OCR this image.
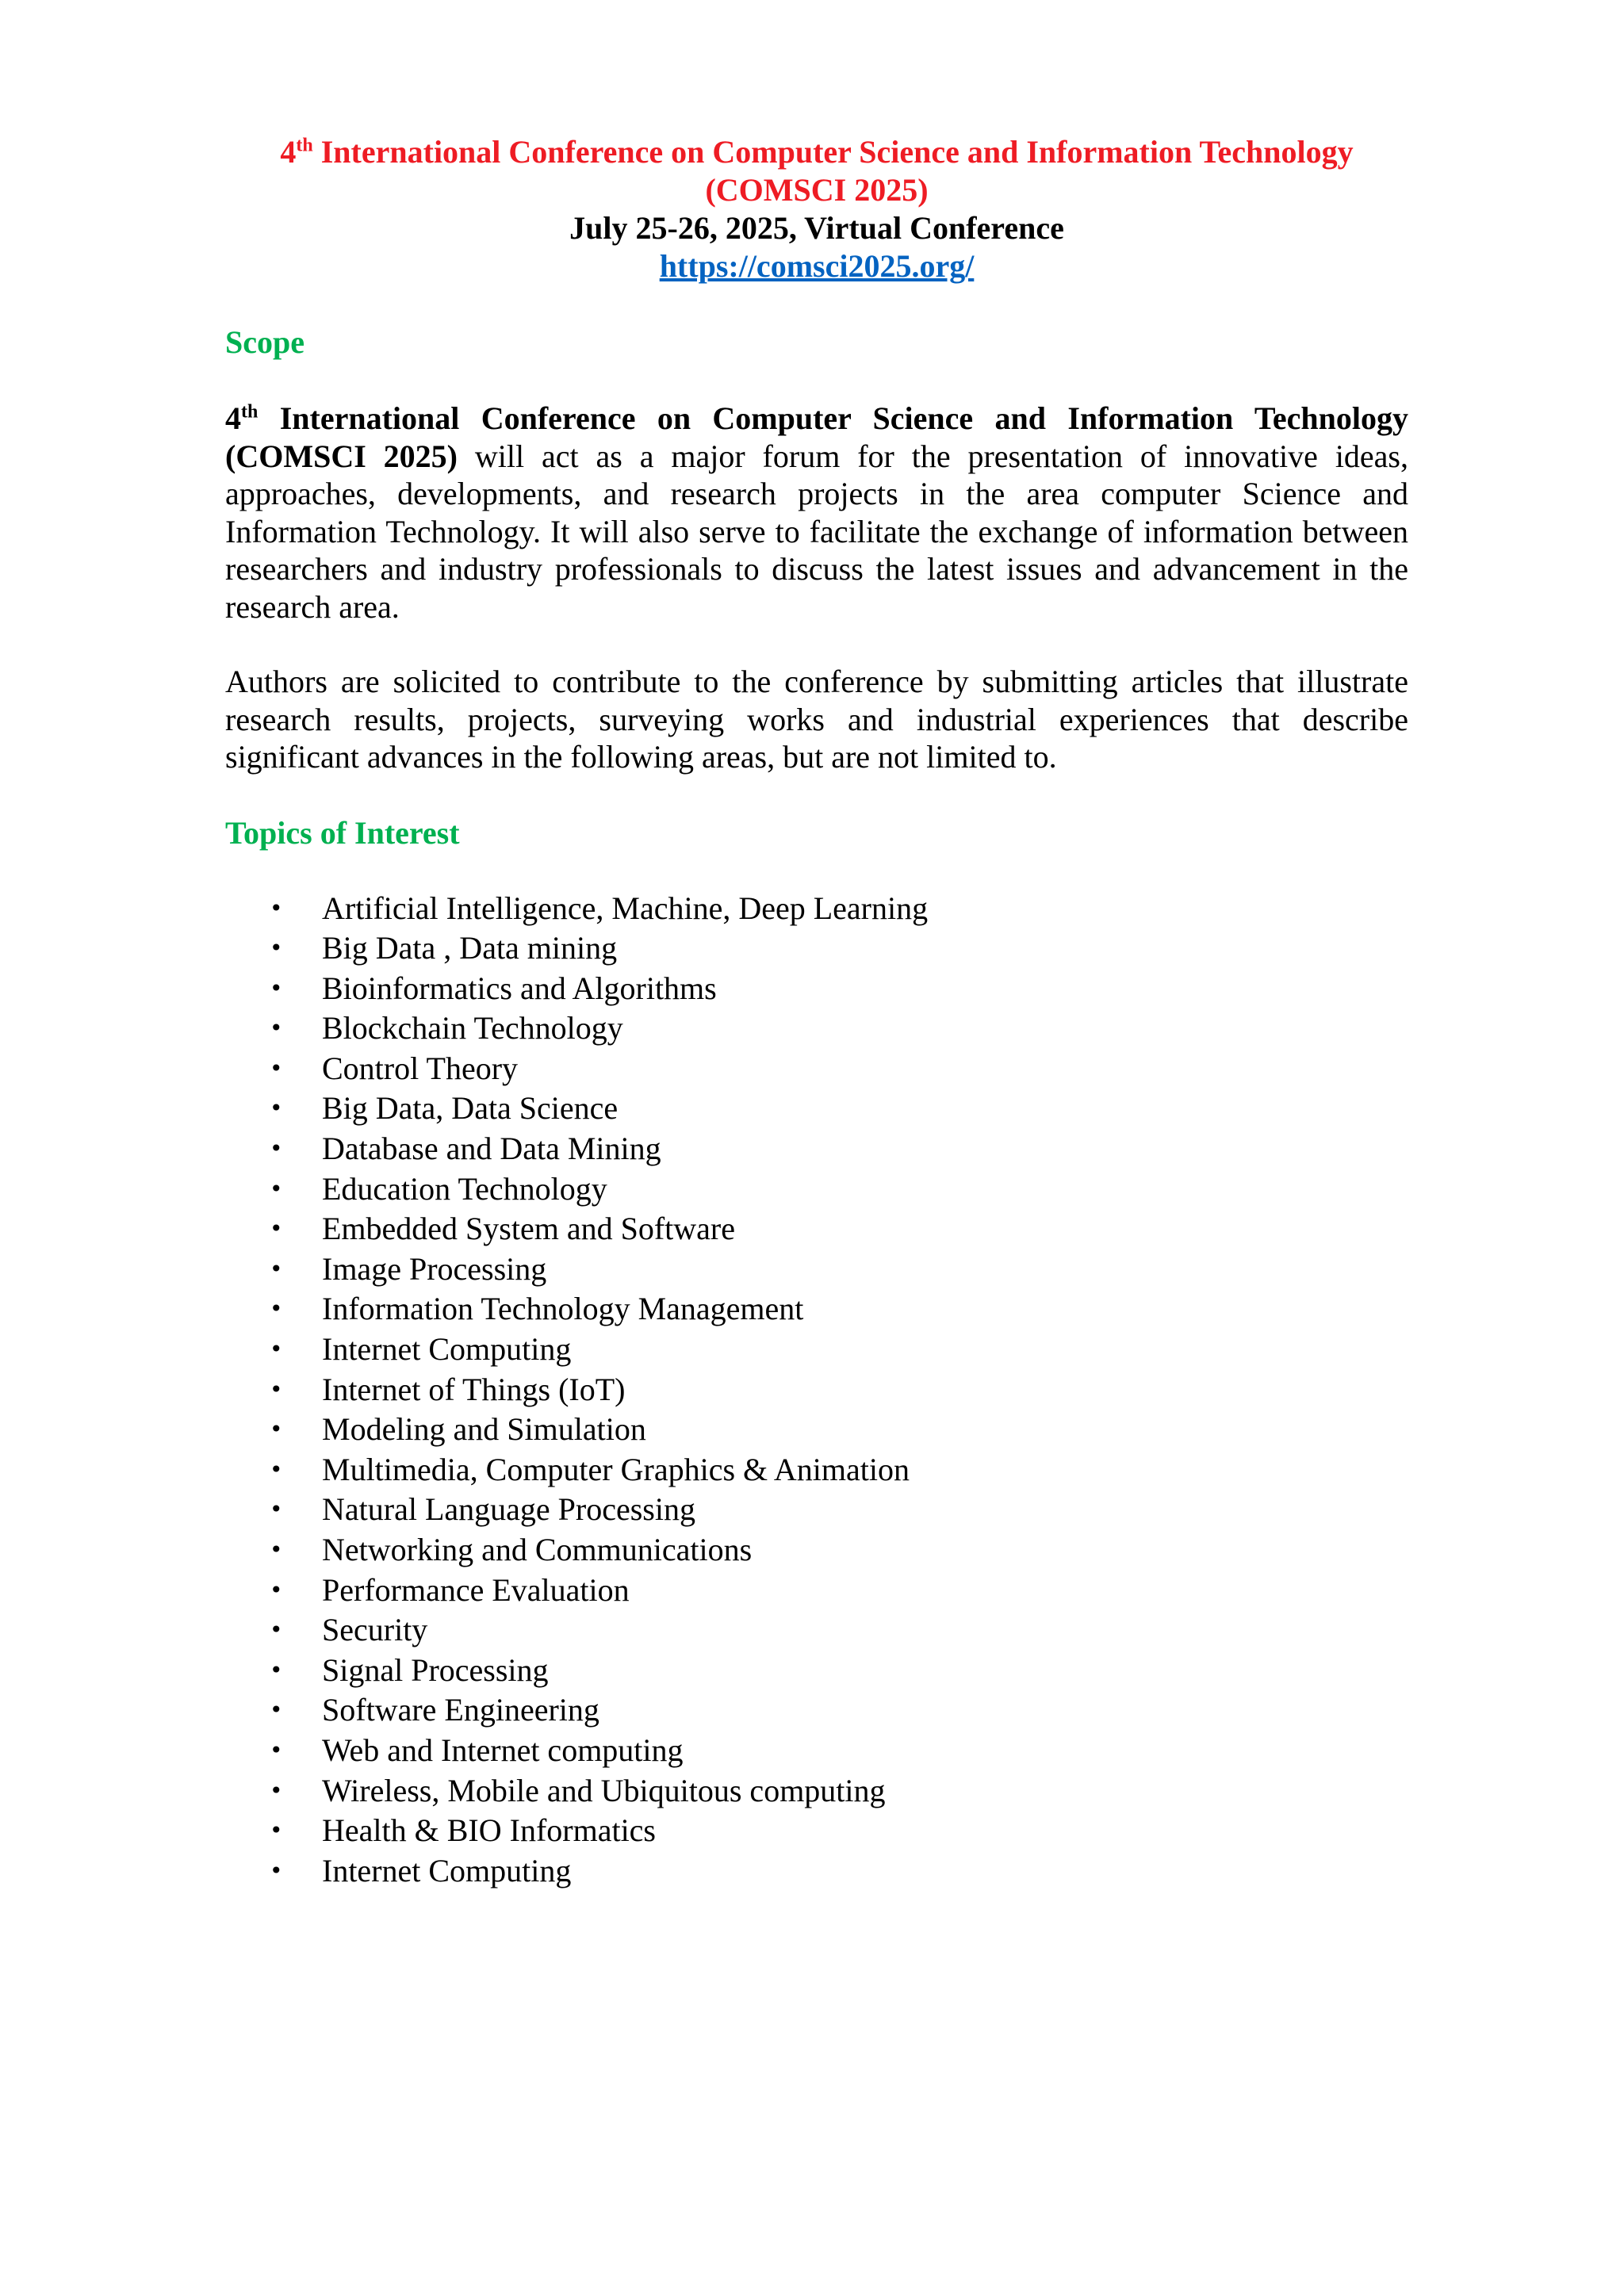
4th International Conference on Computer Science and Information Technology
(COMSCI 2025)
July 25-26, 2025, Virtual Conference
https://comsci2025.org/
Scope

4th International Conference on Computer Science and Information Technology (COMSCI 2025) will act as a major forum for the presentation of innovative ideas, approaches, developments, and research projects in the area computer Science and Information Technology. It will also serve to facilitate the exchange of information between researchers and industry professionals to discuss the latest issues and advancement in the research area.

Authors are solicited to contribute to the conference by submitting articles that illustrate research results, projects, surveying works and industrial experiences that describe significant advances in the following areas, but are not limited to.

Topics of Interest
• Artificial Intelligence, Machine, Deep Learning
• Big Data , Data mining
• Bioinformatics and Algorithms
• Blockchain Technology
• Control Theory
• Big Data, Data Science
• Database and Data Mining
• Education Technology
• Embedded System and Software
• Image Processing
• Information Technology Management
• Internet Computing
• Internet of Things (IoT)
• Modeling and Simulation
• Multimedia, Computer Graphics & Animation
• Natural Language Processing
• Networking and Communications
• Performance Evaluation
• Security
• Signal Processing
• Software Engineering
• Web and Internet computing
• Wireless, Mobile and Ubiquitous computing
• Health & BIO Informatics
• Internet Computing
